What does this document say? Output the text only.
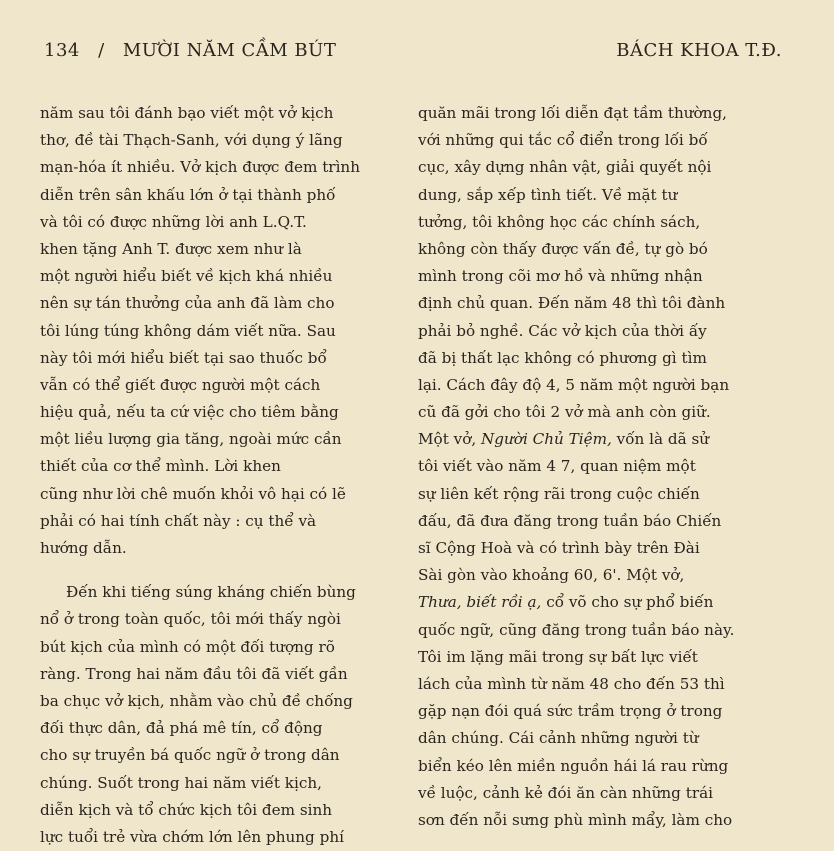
134 / MƯỜI NĂM CẦM BÚT	BÁCH KHOA T.Đ.
năm sau tôi đánh bạo viết một vở kịch
thơ, đề tài Thạch-Sanh, với dụng ý lãng
mạn-hóa ít nhiều. Vở kịch được đem trình
diễn trên sân khấu lớn ở tại thành phố
và tôi có được những lời anh L.Q.T.
khen tặng Anh T. được xem như là
một người hiểu biết về kịch khá nhiều
nên sự tán thưởng của anh đã làm cho
tôi lúng túng không dám viết nữa. Sau
này tôi mới hiểu biết tại sao thuốc bổ
vẫn có thể giết được người một cách
hiệu quả, nếu ta cứ việc cho tiêm bằng
một liều lượng gia tăng, ngoài mức cần
thiết của cơ thể mình. Lời khen
cũng như lời chê muốn khỏi vô hại có lẽ
phải có hai tính chất này : cụ thể và
hướng dẫn.
Đến khi tiếng súng kháng chiến bùng
nổ ở trong toàn quốc, tôi mới thấy ngòi
bút kịch của mình có một đối tượng rõ
ràng. Trong hai năm đầu tôi đã viết gần
ba chục vở kịch, nhằm vào chủ đề chống
đối thực dân, đả phá mê tín, cổ động
cho sự truyền bá quốc ngữ ở trong dân
chúng. Suốt trong hai năm viết kịch,
diễn kịch và tổ chức kịch tôi đem sinh
lực tuổi trẻ vừa chớm lớn lên phung phí
quăn mãi trong lối diễn đạt tầm thường,
với những qui tắc cổ điển trong lối bố
cục, xây dựng nhân vật, giải quyết nội
dung, sắp xếp tình tiết. Về mặt tư
tưởng, tôi không học các chính sách,
không còn thấy được vấn đề, tự gò bó
mình trong cõi mơ hồ và những nhận
định chủ quan. Đến năm 48 thì tôi đành
phải bỏ nghề. Các vở kịch của thời ấy
đã bị thất lạc không có phương gì tìm
lại. Cách đây độ 4, 5 năm một người bạn
cũ đã gởi cho tôi 2 vở mà anh còn giữ.
Một vở, Người Chủ Tiệm, vốn là dã sử
tôi viết vào năm 4 7, quan niệm một
sự liên kết rộng rãi trong cuộc chiến
đấu, đã đưa đăng trong tuần báo Chiến
sĩ Cộng Hoà và có trình bày trên Đài
Sài gòn vào khoảng 60, 6'. Một vở,
Thưa, biết rồi ạ, cổ võ cho sự phổ biến
quốc ngữ, cũng đăng trong tuần báo này.
Tôi im lặng mãi trong sự bất lực viết
lách của mình từ năm 48 cho đến 53 thì
gặp nạn đói quá sức trầm trọng ở trong
dân chúng. Cái cảnh những người từ
biển kéo lên miền nguồn hái lá rau rừng
về luộc, cảnh kẻ đói ăn càn những trái
sơn đến nỗi sưng phù mình mẩy, làm cho
